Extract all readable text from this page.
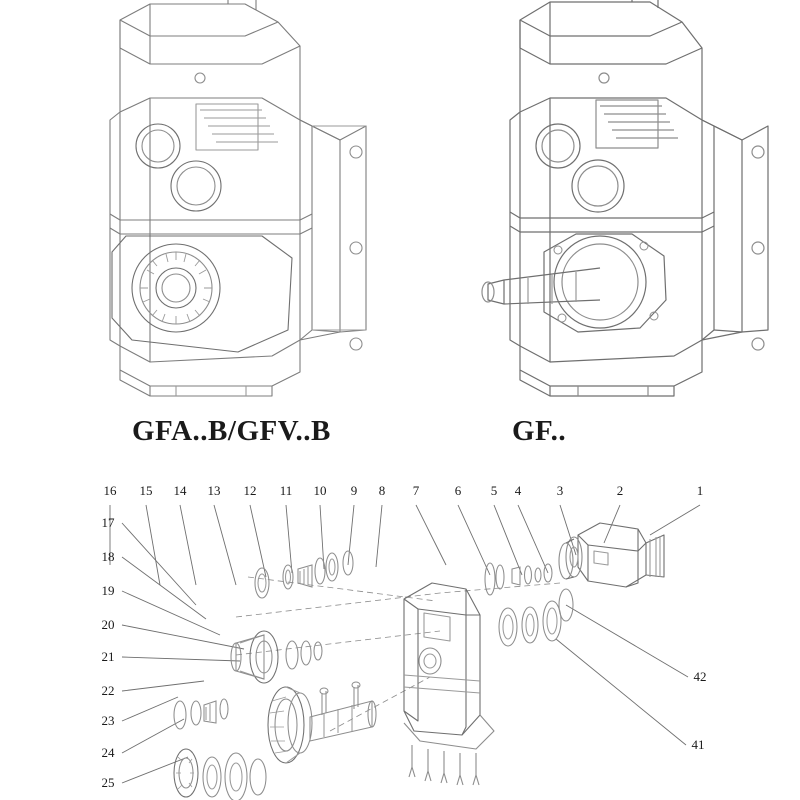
GFA..B/GFV..B	GF..
16 15 14 13 12 11 10 9 8 7	6 5 4	3	2	1
17
18
19
20
21
22
23
24
25
42
41
